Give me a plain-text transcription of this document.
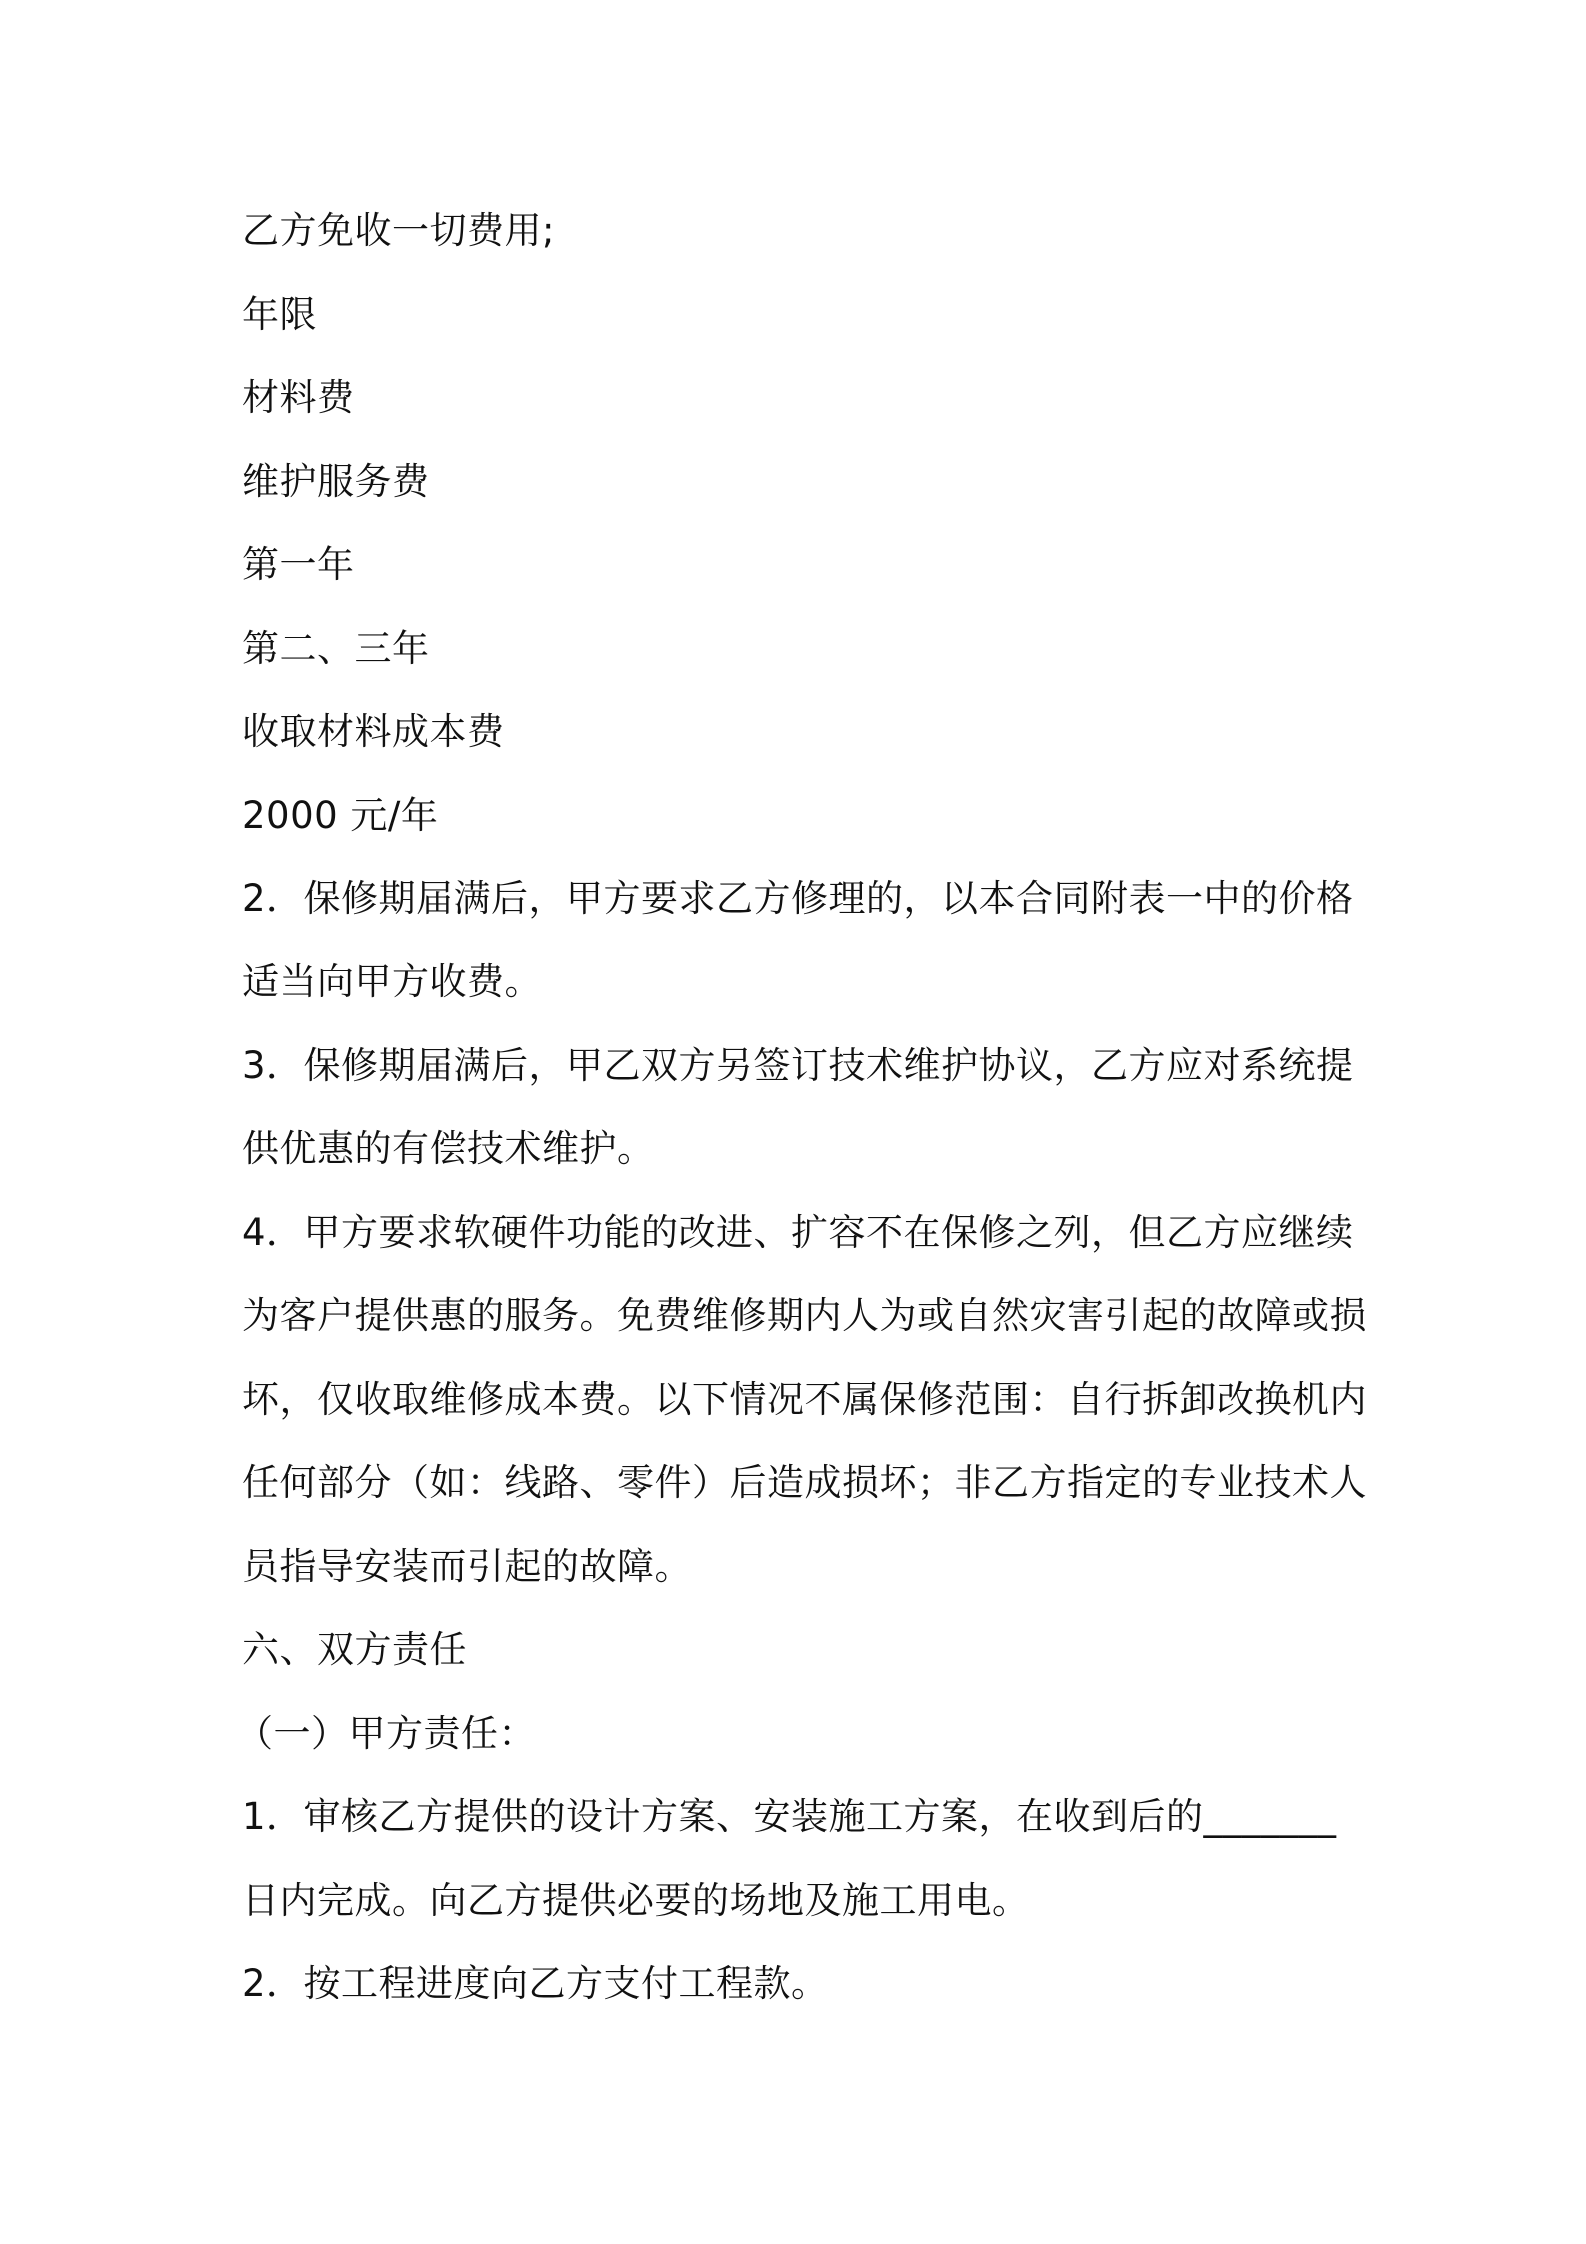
乙方免收一切费用;
年限
材料费
维护服务费
第一年
第二、三年
收取材料成本费
2000 元/年
2．保修期届满后，甲方要求乙方修理的，以本合同附表一中的价格
适当向甲方收费。
3．保修期届满后，甲乙双方另签订技术维护协议，乙方应对系统提
供优惠的有偿技术维护。
4．甲方要求软硬件功能的改进、扩容不在保修之列，但乙方应继续
为客户提供惠的服务。免费维修期内人为或自然灾害引起的故障或损
坏，仅收取维修成本费。以下情况不属保修范围：自行拆卸改换机内
任何部分（如：线路、零件）后造成损坏；非乙方指定的专业技术人
员指导安装而引起的故障。
六、双方责任
（一）甲方责任：
1．审核乙方提供的设计方案、安装施工方案，在收到后的_______
日内完成。向乙方提供必要的场地及施工用电。
2．按工程进度向乙方支付工程款。
